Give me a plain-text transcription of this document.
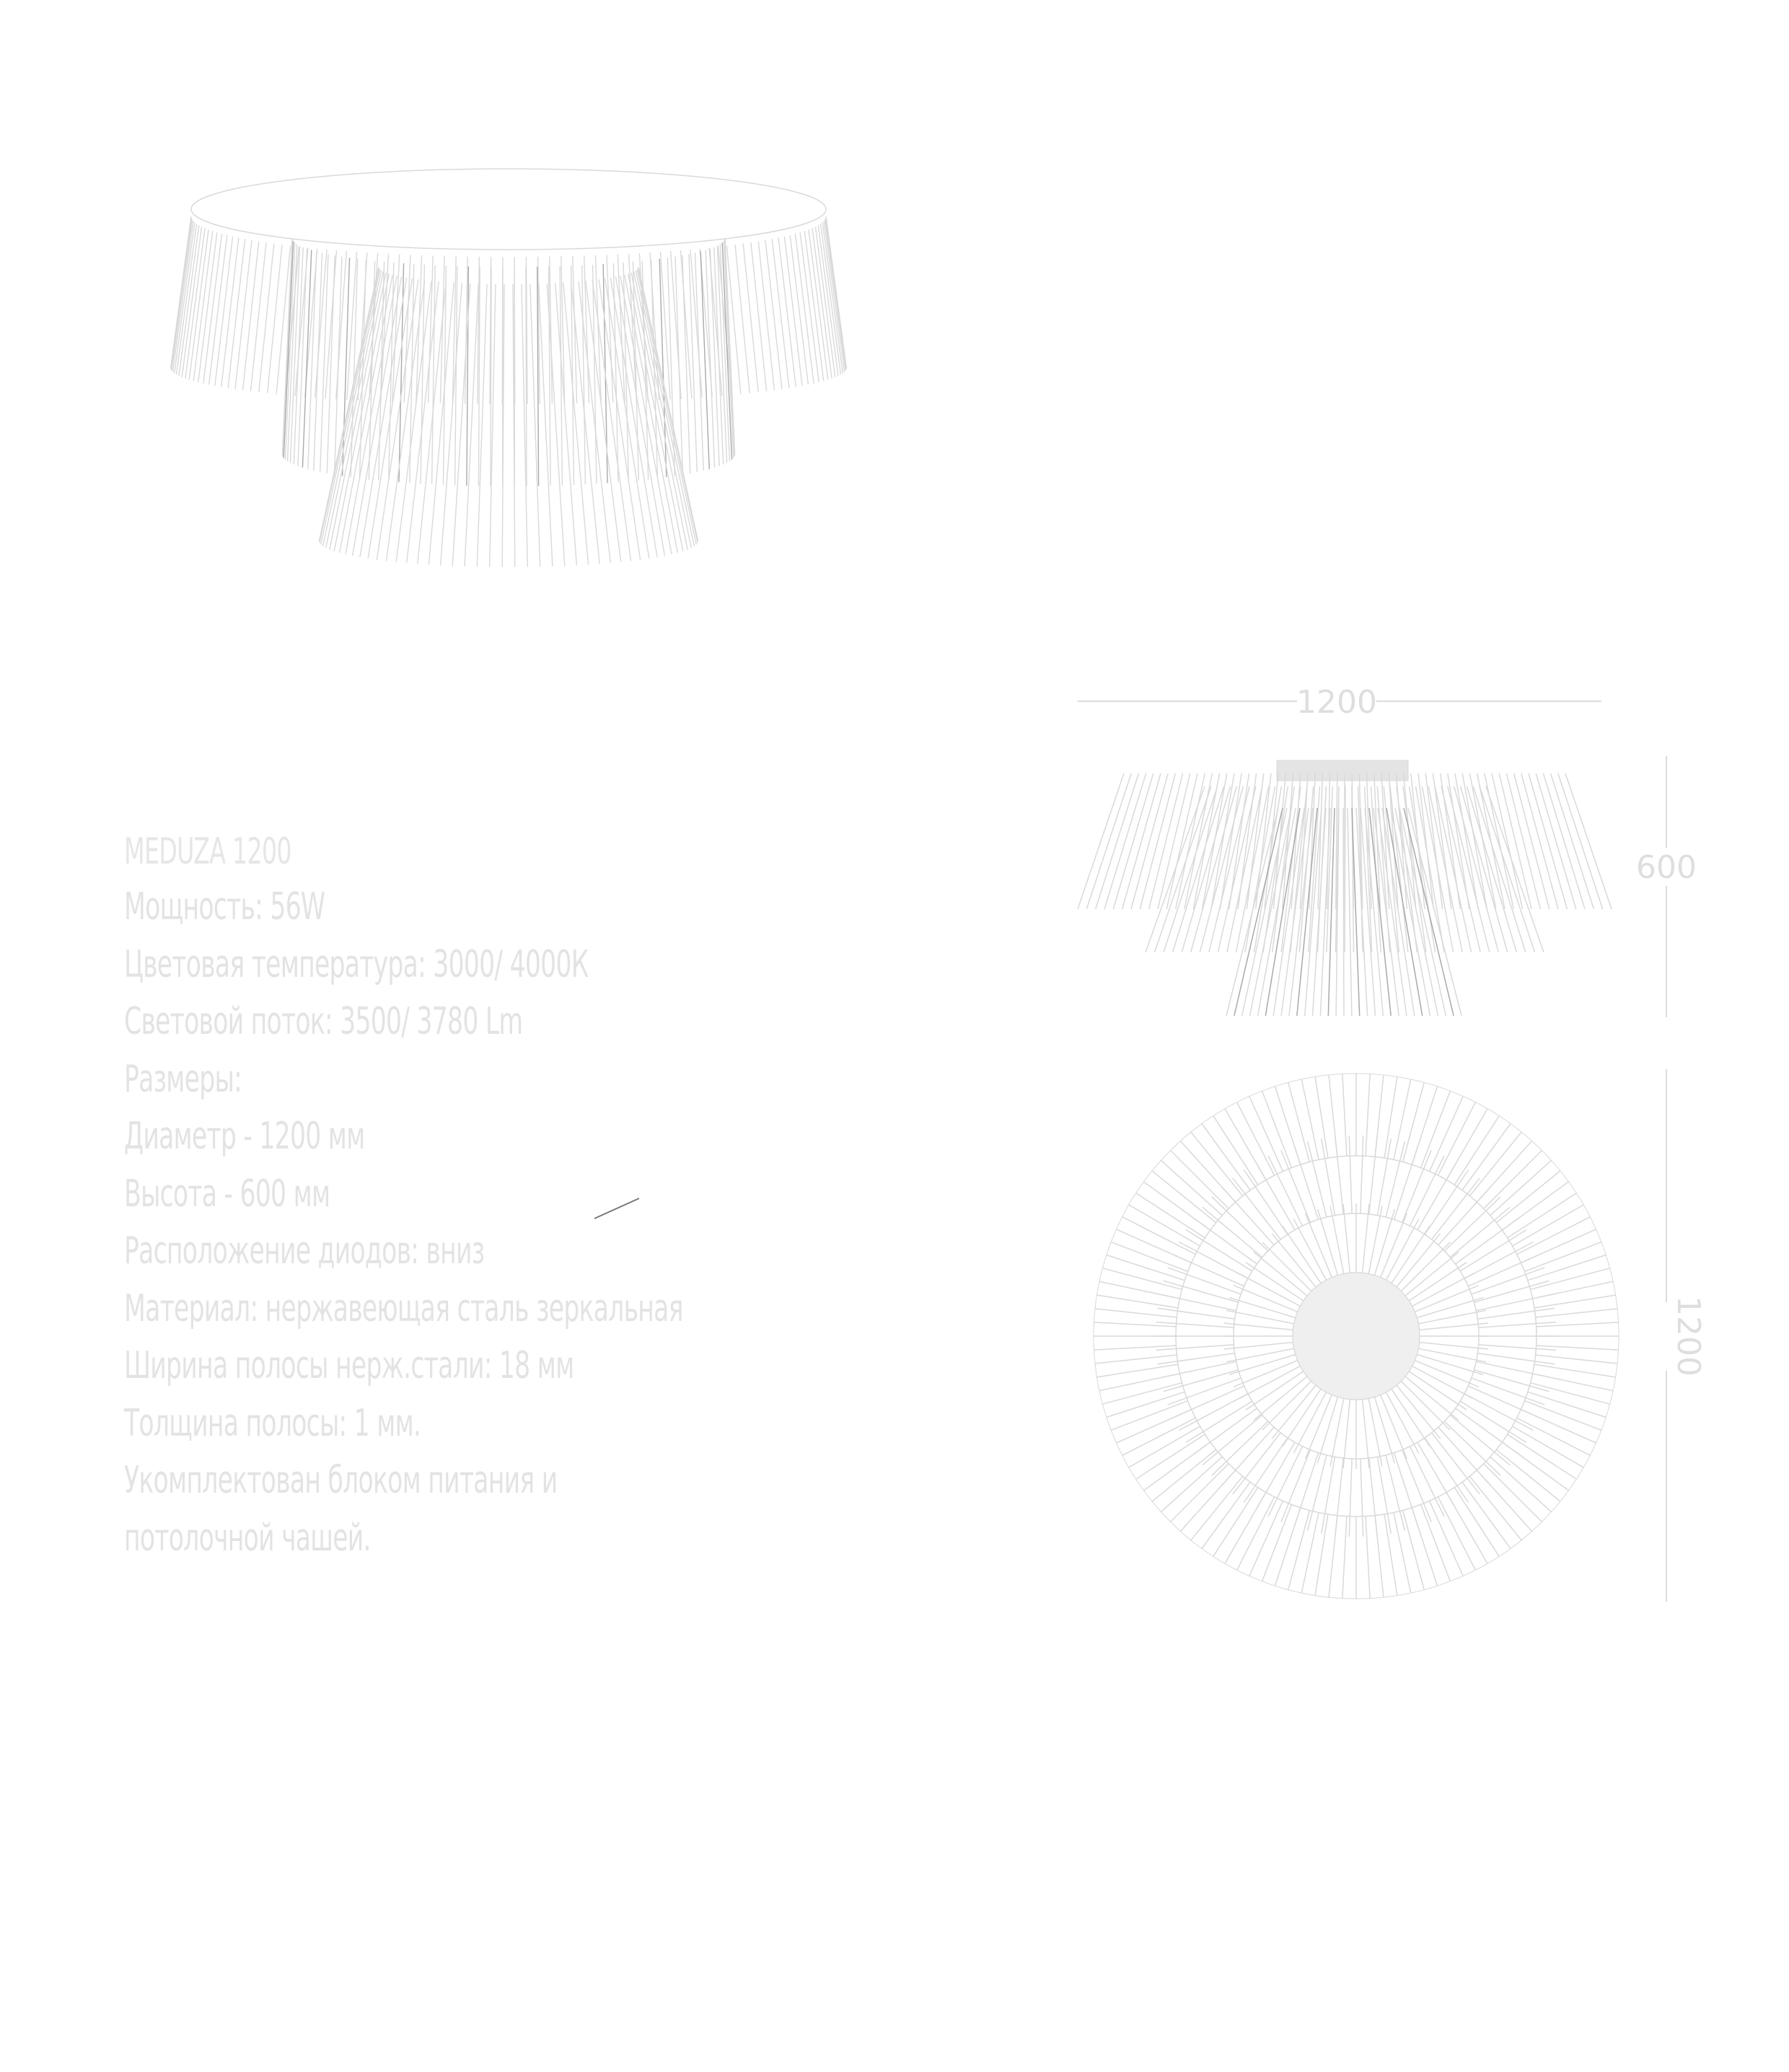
MEDUZA 1200
Мощность: 56W
Цветовая температура: 3000/ 4000К
Световой поток: 3500/ 3780 Lm
Размеры:
Диаметр - 1200 мм
Высота - 600 мм
Расположение диодов: вниз
Материал: нержавеющая сталь зеркальная
Ширина полосы нерж.стали: 18 мм
Толщина полосы: 1 мм.
Укомплектован блоком питания и
потолочной чашей.
1200
600
1200
